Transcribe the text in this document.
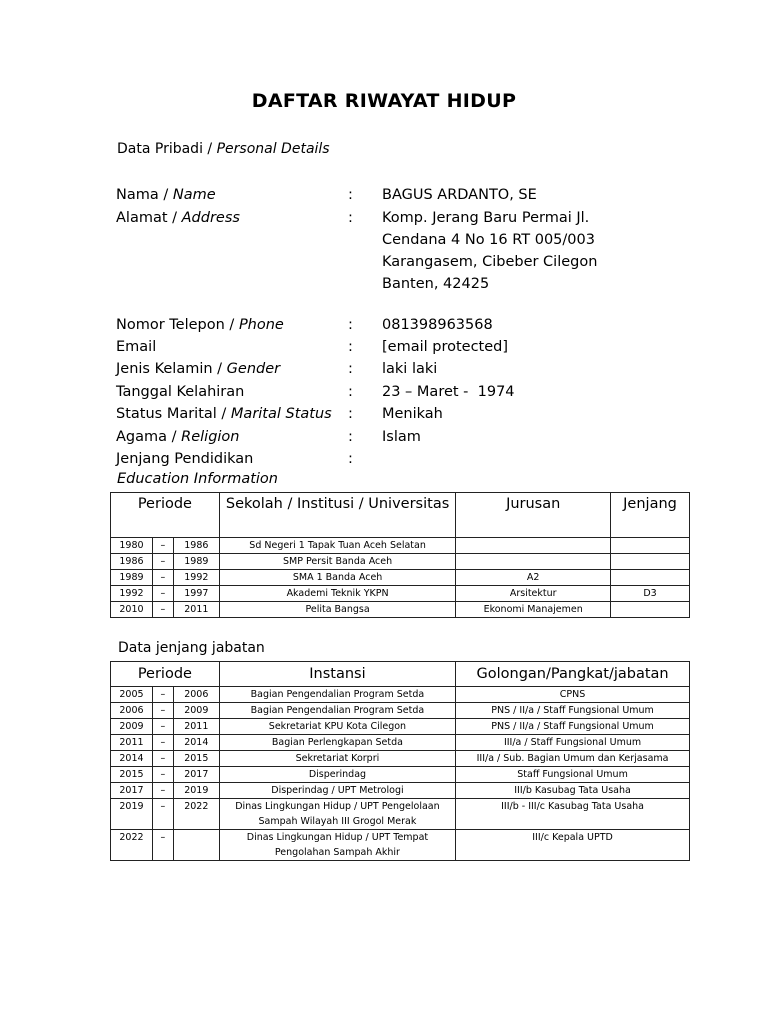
DAFTAR RIWAYAT HIDUP
Data Pribadi / Personal Details
Nama / Name	: BAGUS ARDANTO, SE
Alamat / Address	: Komp. Jerang Baru Permai Jl.
Cendana 4 No 16 RT 005/003
Karangasem, Cibeber Cilegon
Banten, 42425
Nomor Telepon / Phone	: 081398963568
Email	: [email protected]
Jenis Kelamin / Gender	: laki laki
Tanggal Kelahiran	: 23 – Maret -  1974
Status Marital / Marital Status : Menikah
Agama / Religion	: Islam
Jenjang Pendidikan	:
Education Information
Periode			Sekolah / Institusi / Universitas	Jurusan	Jenjang
1980	–	1986	Sd Negeri 1 Tapak Tuan Aceh Selatan		
1986	–	1989	SMP Persit Banda Aceh		
1989	–	1992	SMA 1 Banda Aceh	A2	
1992	–	1997	Akademi Teknik YKPN	Arsitektur	D3
2010	–	2011	Pelita Bangsa	Ekonomi Manajemen	
Data jenjang jabatan
Periode			Instansi	Golongan/Pangkat/jabatan
2005	–	2006	Bagian Pengendalian Program Setda	CPNS
2006	–	2009	Bagian Pengendalian Program Setda	PNS / II/a / Staff Fungsional Umum
2009	–	2011	Sekretariat KPU Kota Cilegon	PNS / II/a / Staff Fungsional Umum
2011	–	2014	Bagian Perlengkapan Setda	III/a / Staff Fungsional Umum
2014	–	2015	Sekretariat Korpri	III/a / Sub. Bagian Umum dan Kerjasama
2015	–	2017	Disperindag	Staff Fungsional Umum
2017	–	2019	Disperindag / UPT Metrologi	III/b Kasubag Tata Usaha
2019	–	2022	Dinas Lingkungan Hidup / UPT Pengelolaan
Sampah Wilayah III Grogol Merak	III/b - III/c Kasubag Tata Usaha
2022	–		Dinas Lingkungan Hidup / UPT Tempat
Pengolahan Sampah Akhir	III/c Kepala UPTD
